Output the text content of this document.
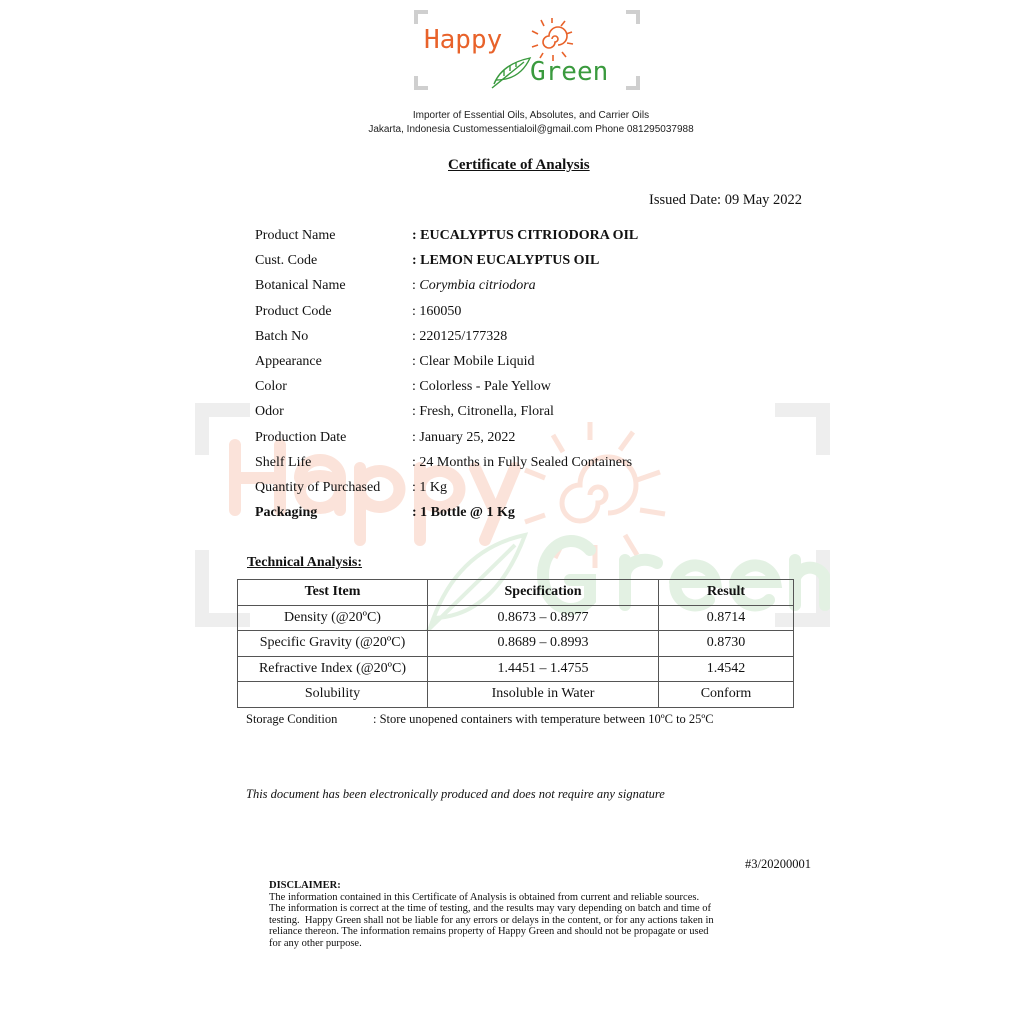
Happy
Green
Importer of Essential Oils, Absolutes, and Carrier Oils
Jakarta, Indonesia Customessentialoil@gmail.com Phone 081295037988
Certificate of Analysis
Issued Date: 09 May 2022
Product Name	: EUCALYPTUS CITRIODORA OIL
Cust. Code	: LEMON EUCALYPTUS OIL
Botanical Name	: Corymbia citriodora
Product Code	: 160050
Batch No	: 220125/177328
Appearance	: Clear Mobile Liquid
Color	: Colorless - Pale Yellow
Odor	: Fresh, Citronella, Floral
Production Date	: January 25, 2022
Shelf Life	: 24 Months in Fully Sealed Containers
Quantity of Purchased	: 1 Kg
Packaging	: 1 Bottle @ 1 Kg
Technical Analysis:
Test Item	Specification	Result
Density (@20ºC)	0.8673 – 0.8977	0.8714
Specific Gravity (@20ºC)	0.8689 – 0.8993	0.8730
Refractive Index (@20ºC)	1.4451 – 1.4755	1.4542
Solubility	Insoluble in Water	Conform
Storage Condition	: Store unopened containers with temperature between 10ºC to 25ºC
This document has been electronically produced and does not require any signature
#3/20200001
DISCLAIMER:
The information contained in this Certificate of Analysis is obtained from current and reliable sources.
The information is correct at the time of testing, and the results may vary depending on batch and time of
testing.  Happy Green shall not be liable for any errors or delays in the content, or for any actions taken in
reliance thereon. The information remains property of Happy Green and should not be propagate or used
for any other purpose.
